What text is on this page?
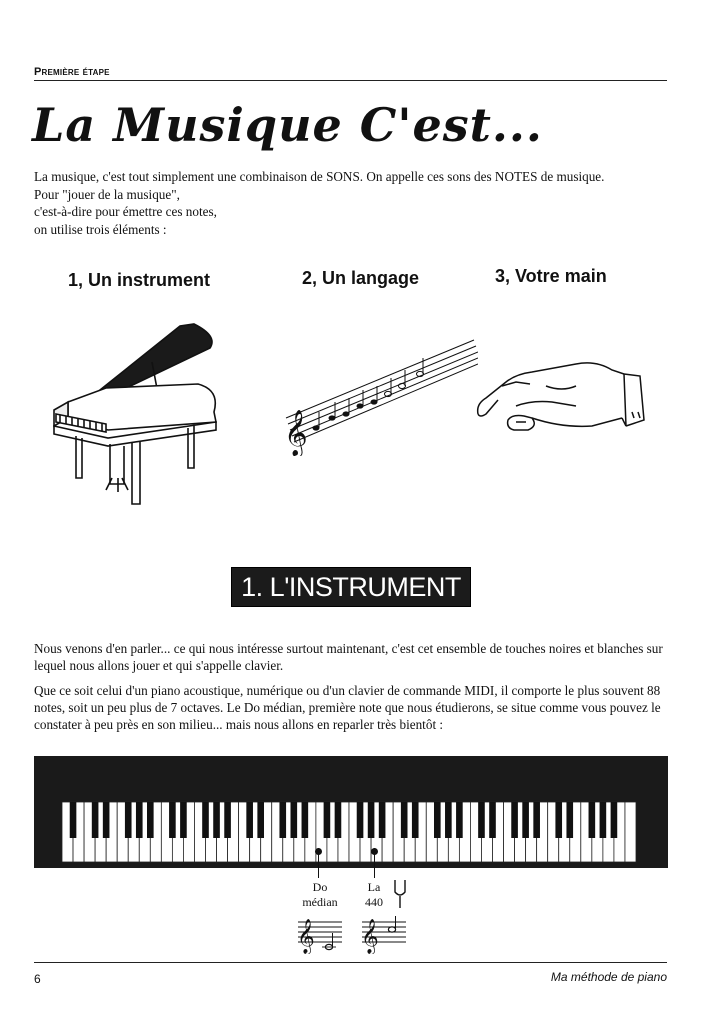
Première étape
La Musique C'est...
La musique, c'est tout simplement une combinaison de SONS. On appelle ces sons des NOTES de musique.
Pour "jouer de la musique",
c'est-à-dire pour émettre ces notes,
on utilise trois éléments :
1, Un instrument	2, Un langage	3, Votre main
𝄞
1. L'INSTRUMENT
Nous venons d'en parler... ce qui nous intéresse surtout maintenant, c'est cet ensemble de touches noires et blanches sur lequel nous allons jouer et qui s'appelle clavier.
Que ce soit celui d'un piano acoustique, numérique ou d'un clavier de commande MIDI, il comporte le plus souvent 88 notes, soit un peu plus de 7 octaves. Le Do médian, première note que nous étudierons, se situe comme vous pouvez le constater à peu près en son milieu... mais nous allons en reparler très bientôt :
Do
médian
La
440
𝄞 𝄞
6	Ma méthode de piano
